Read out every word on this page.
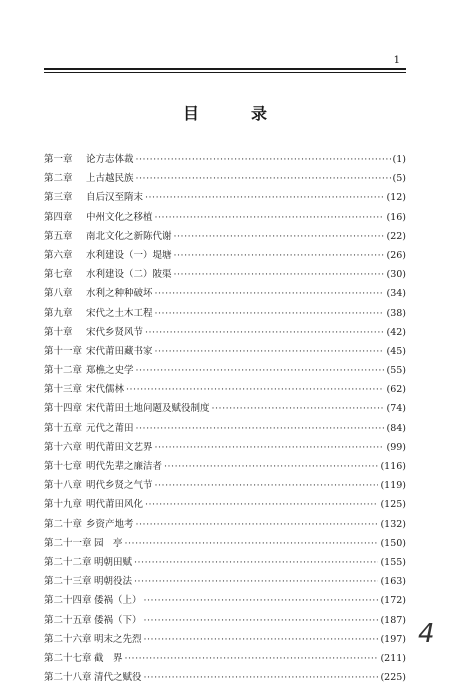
1
目　录
第一章	论方志体裁 ·····	(1)
第二章	上古越民族 ·····	(5)
第三章	自后汉至隋末 ·····	(12)
第四章	中州文化之移植 ·····	(16)
第五章	南北文化之新陈代谢 ·····	(22)
第六章	水利建设（一）堤塘 ·····	(26)
第七章	水利建设（二）陂渠 ·····	(30)
第八章	水利之种种破坏 ·····	(34)
第九章	宋代之土木工程 ·····	(38)
第十章	宋代乡贤风节 ·····	(42)
第十一章 宋代莆田藏书家 ·····	(45)
第十二章 郑樵之史学 ·····	(55)
第十三章 宋代儒林 ·····	(62)
第十四章 宋代莆田土地问题及赋役制度 ·····	(74)
第十五章 元代之莆田 ·····	(84)
第十六章 明代莆田文艺界 ·····	(99)
第十七章 明代先辈之廉洁者 ·····	(116)
第十八章 明代乡贤之气节 ·····	(119)
第十九章 明代莆田风化 ·····	(125)
第二十章 乡资产地考 ·····	(132)
第二十一章 园　亭 ·····	(150)
第二十二章 明朝田赋 ·····	(155)
第二十三章 明朝役法 ·····	(163)
第二十四章 倭祸（上） ·····	(172)
第二十五章 倭祸（下） ·····	(187)
第二十六章 明末之先烈 ·····	(197)
第二十七章 截　界 ·····	(211)
第二十八章 清代之赋役 ·····	(225)
4
